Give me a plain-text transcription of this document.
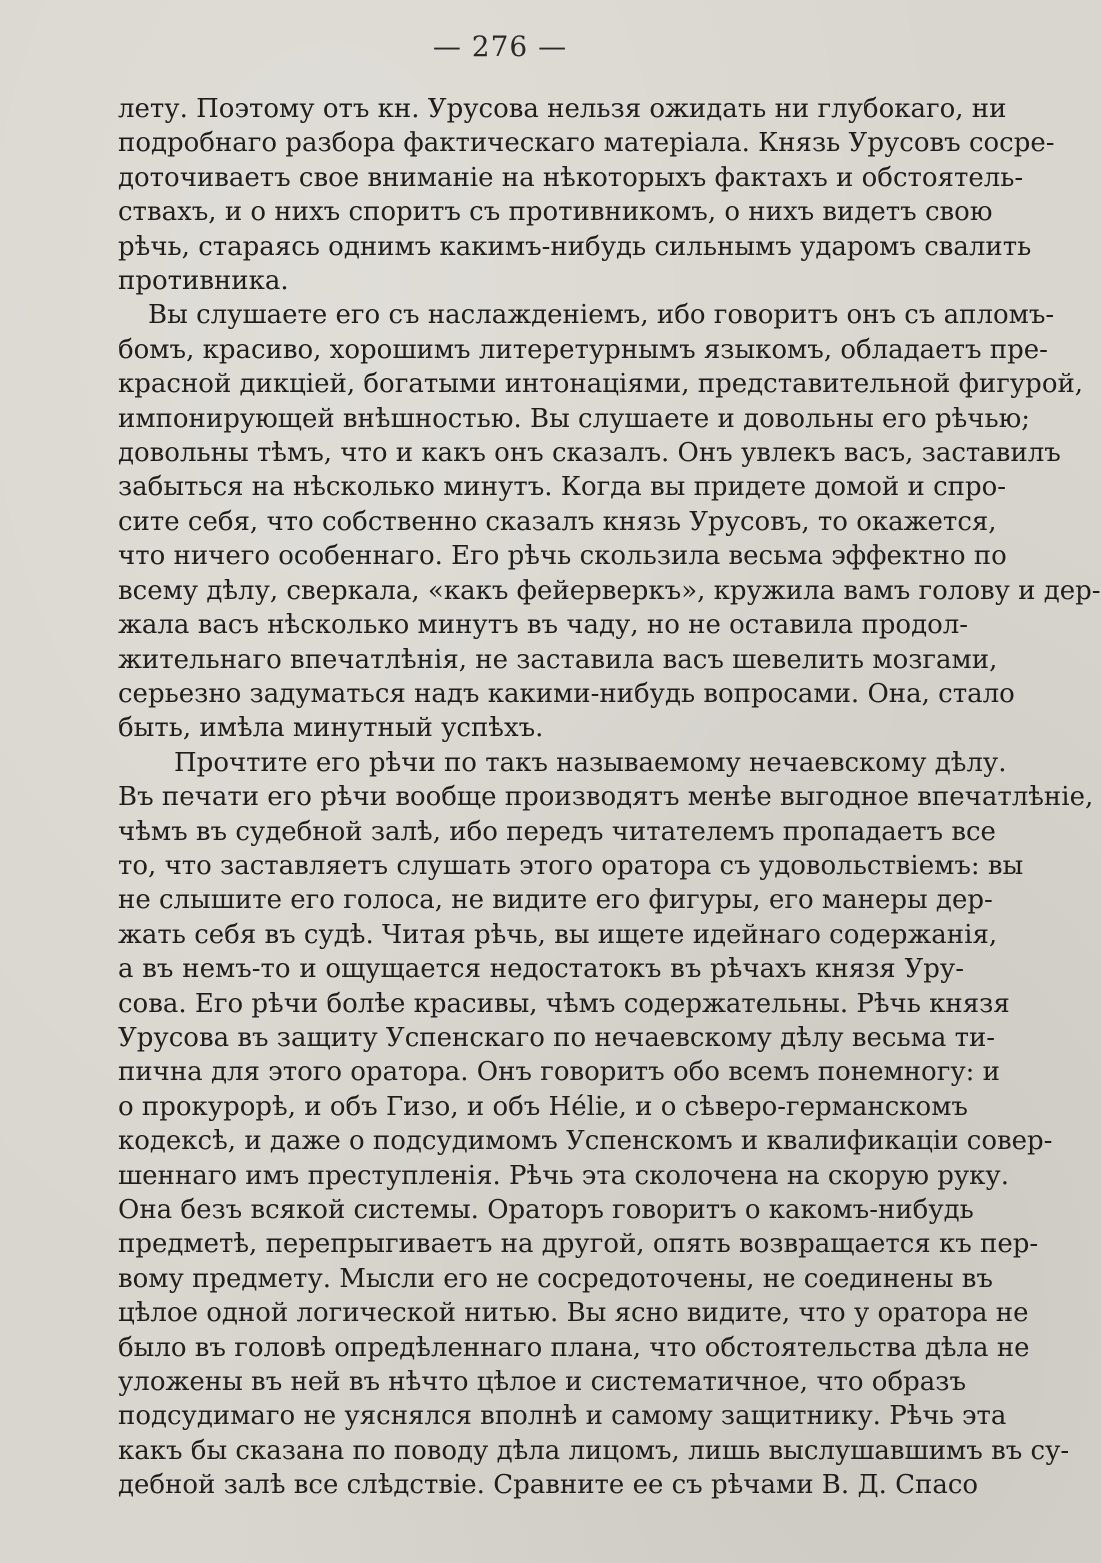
— 276 —
лету. Поэтому отъ кн. Урусова нельзя ожидать ни глубокаго, ни
подробнаго разбора фактическаго матеріала. Князь Урусовъ сосре-
доточиваетъ свое вниманіе на нѣкоторыхъ фактахъ и обстоятель-
ствахъ, и о нихъ споритъ съ противникомъ, о нихъ видетъ свою
рѣчь, стараясь однимъ какимъ-нибудь сильнымъ ударомъ свалить
противника.
Вы слушаете его съ наслажденіемъ, ибо говоритъ онъ съ апломъ-
бомъ, красиво, хорошимъ литеретурнымъ языкомъ, обладаетъ пре-
красной дикціей, богатыми интонаціями, представительной фигурой,
импонирующей внѣшностью. Вы слушаете и довольны его рѣчью;
довольны тѣмъ, что и какъ онъ сказалъ. Онъ увлекъ васъ, заставилъ
забыться на нѣсколько минутъ. Когда вы придете домой и спро-
сите себя, что собственно сказалъ князь Урусовъ, то окажется,
что ничего особеннаго. Его рѣчь скользила весьма эффектно по
всему дѣлу, сверкала, «какъ фейерверкъ», кружила вамъ голову и дер-
жала васъ нѣсколько минутъ въ чаду, но не оставила продол-
жительнаго впечатлѣнія, не заставила васъ шевелить мозгами,
серьезно задуматься надъ какими-нибудь вопросами. Она, стало
быть, имѣла минутный успѣхъ.
Прочтите его рѣчи по такъ называемому нечаевскому дѣлу.
Въ печати его рѣчи вообще производятъ менѣе выгодное впечатлѣніе,
чѣмъ въ судебной залѣ, ибо передъ читателемъ пропадаетъ все
то, что заставляетъ слушать этого оратора съ удовольствіемъ: вы
не слышите его голоса, не видите его фигуры, его манеры дер-
жать себя въ судѣ. Читая рѣчь, вы ищете идейнаго содержанія,
а въ немъ-то и ощущается недостатокъ въ рѣчахъ князя Уру-
сова. Его рѣчи болѣе красивы, чѣмъ содержательны. Рѣчь князя
Урусова въ защиту Успенскаго по нечаевскому дѣлу весьма ти-
пична для этого оратора. Онъ говоритъ обо всемъ понемногу: и
о прокурорѣ, и объ Гизо, и объ Hélie, и о сѣверо-германскомъ
кодексѣ, и даже о подсудимомъ Успенскомъ и квалификаціи совер-
шеннаго имъ преступленія. Рѣчь эта сколочена на скорую руку.
Она безъ всякой системы. Ораторъ говоритъ о какомъ-нибудь
предметѣ, перепрыгиваетъ на другой, опять возвращается къ пер-
вому предмету. Мысли его не сосредоточены, не соединены въ
цѣлое одной логической нитью. Вы ясно видите, что у оратора не
было въ головѣ опредѣленнаго плана, что обстоятельства дѣла не
уложены въ ней въ нѣчто цѣлое и систематичное, что образъ
подсудимаго не уяснялся вполнѣ и самому защитнику. Рѣчь эта
какъ бы сказана по поводу дѣла лицомъ, лишь выслушавшимъ въ су-
дебной залѣ все слѣдствіе. Сравните ее съ рѣчами В. Д. Спасо
